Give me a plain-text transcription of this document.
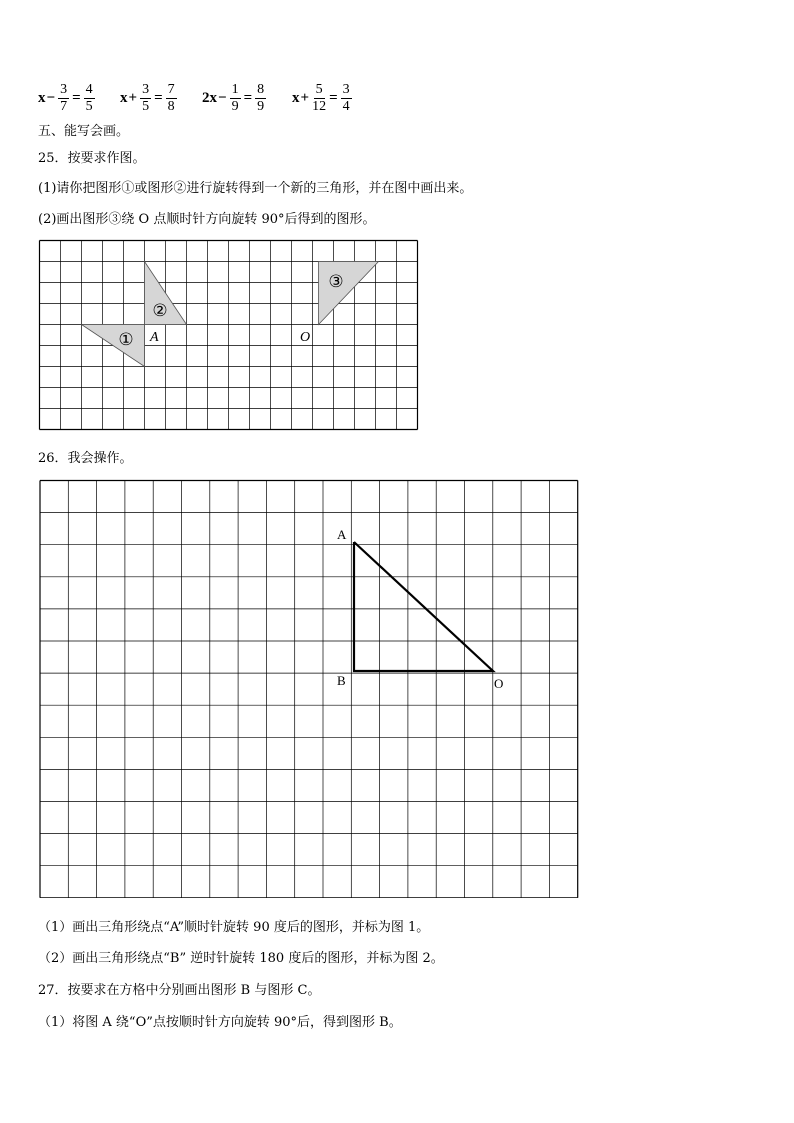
$x - \frac{3}{7} = \frac{4}{5}$ $x + \frac{3}{5} = \frac{7}{8} 2x - \frac{1}{9} = \frac{8}{9}$ $x + \frac{5}{12} = \frac{3}{4}$
五、能写会画。
25．按要求作图。
(1)请你把图形①或图形②进行旋转得到一个新的三角形，并在图中画出来。
(2)画出图形③绕 O 点顺时针方向旋转 90°后得到的图形。
②
①
③
A	O
26．我会操作。
A
B	O
（1）画出三角形绕点“A”顺时针旋转 90 度后的图形，并标为图 1。
（2）画出三角形绕点“B” 逆时针旋转 180 度后的图形，并标为图 2。
27．按要求在方格中分别画出图形 B 与图形 C。
（1）将图 A 绕“O”点按顺时针方向旋转 90°后，得到图形 B。
